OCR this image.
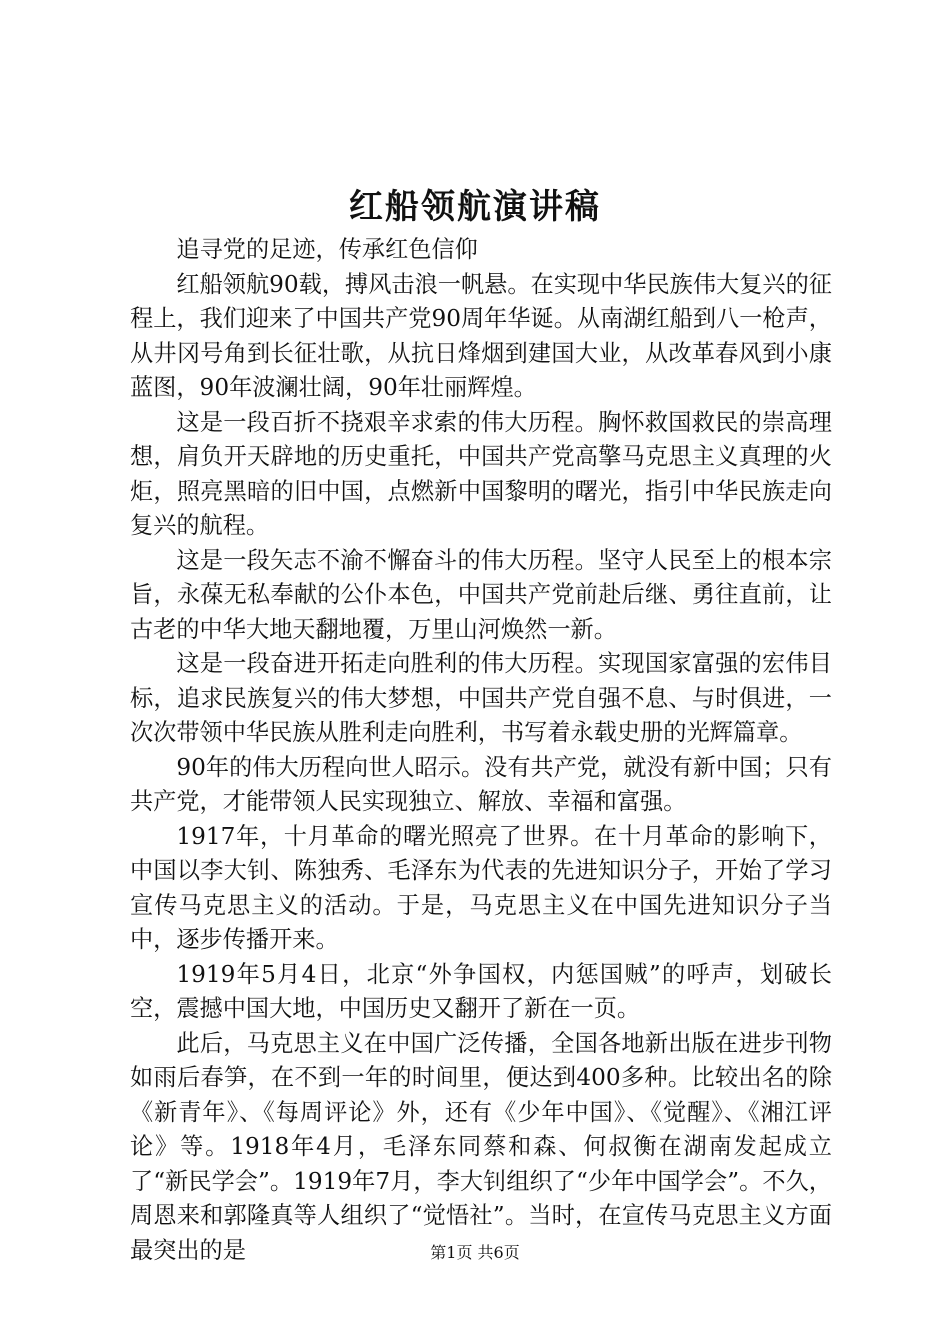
红船领航演讲稿

追寻党的足迹，传承红色信仰

红船领航90载，搏风击浪一帆悬。在实现中华民族伟大复兴的征程上，我们迎来了中国共产党90周年华诞。从南湖红船到八一枪声，从井冈号角到长征壮歌，从抗日烽烟到建国大业，从改革春风到小康蓝图，90年波澜壮阔，90年壮丽辉煌。

这是一段百折不挠艰辛求索的伟大历程。胸怀救国救民的崇高理想，肩负开天辟地的历史重托，中国共产党高擎马克思主义真理的火炬，照亮黑暗的旧中国，点燃新中国黎明的曙光，指引中华民族走向复兴的航程。

这是一段矢志不渝不懈奋斗的伟大历程。坚守人民至上的根本宗旨，永葆无私奉献的公仆本色，中国共产党前赴后继、勇往直前，让古老的中华大地天翻地覆，万里山河焕然一新。

这是一段奋进开拓走向胜利的伟大历程。实现国家富强的宏伟目标，追求民族复兴的伟大梦想，中国共产党自强不息、与时俱进，一次次带领中华民族从胜利走向胜利，书写着永载史册的光辉篇章。

90年的伟大历程向世人昭示。没有共产党，就没有新中国；只有共产党，才能带领人民实现独立、解放、幸福和富强。

1917年，十月革命的曙光照亮了世界。在十月革命的影响下，中国以李大钊、陈独秀、毛泽东为代表的先进知识分子，开始了学习宣传马克思主义的活动。于是，马克思主义在中国先进知识分子当中，逐步传播开来。

1919年5月4日，北京“外争国权，内惩国贼”的呼声，划破长空，震撼中国大地，中国历史又翻开了新在一页。

此后，马克思主义在中国广泛传播，全国各地新出版在进步刊物如雨后春笋，在不到一年的时间里，便达到400多种。比较出名的除《新青年》、《每周评论》外，还有《少年中国》、《觉醒》、《湘江评论》等。1918年4月，毛泽东同蔡和森、何叔衡在湖南发起成立了“新民学会”。1919年7月，李大钊组织了“少年中国学会”。不久，周恩来和郭隆真等人组织了“觉悟社”。当时，在宣传马克思主义方面最突出的是	第1页 共6页
